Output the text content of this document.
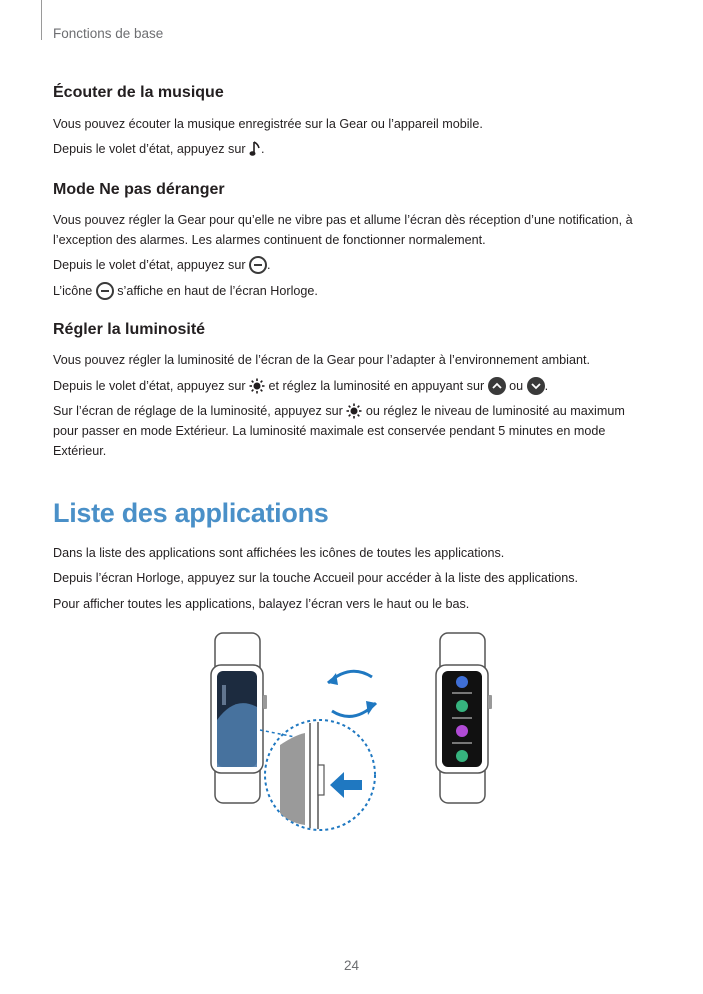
Fonctions de base
Écouter de la musique
Vous pouvez écouter la musique enregistrée sur la Gear ou l’appareil mobile.
Depuis le volet d’état, appuyez sur .
Mode Ne pas déranger
Vous pouvez régler la Gear pour qu’elle ne vibre pas et allume l’écran dès réception d’une notification, à l’exception des alarmes. Les alarmes continuent de fonctionner normalement.
Depuis le volet d’état, appuyez sur .
L’icône s’affiche en haut de l’écran Horloge.
Régler la luminosité
Vous pouvez régler la luminosité de l’écran de la Gear pour l’adapter à l’environnement ambiant.
Depuis le volet d’état, appuyez sur et réglez la luminosité en appuyant sur ou .
Sur l’écran de réglage de la luminosité, appuyez sur ou réglez le niveau de luminosité au maximum pour passer en mode Extérieur. La luminosité maximale est conservée pendant 5 minutes en mode Extérieur.
Liste des applications
Dans la liste des applications sont affichées les icônes de toutes les applications.
Depuis l’écran Horloge, appuyez sur la touche Accueil pour accéder à la liste des applications.
Pour afficher toutes les applications, balayez l’écran vers le haut ou le bas.
24
